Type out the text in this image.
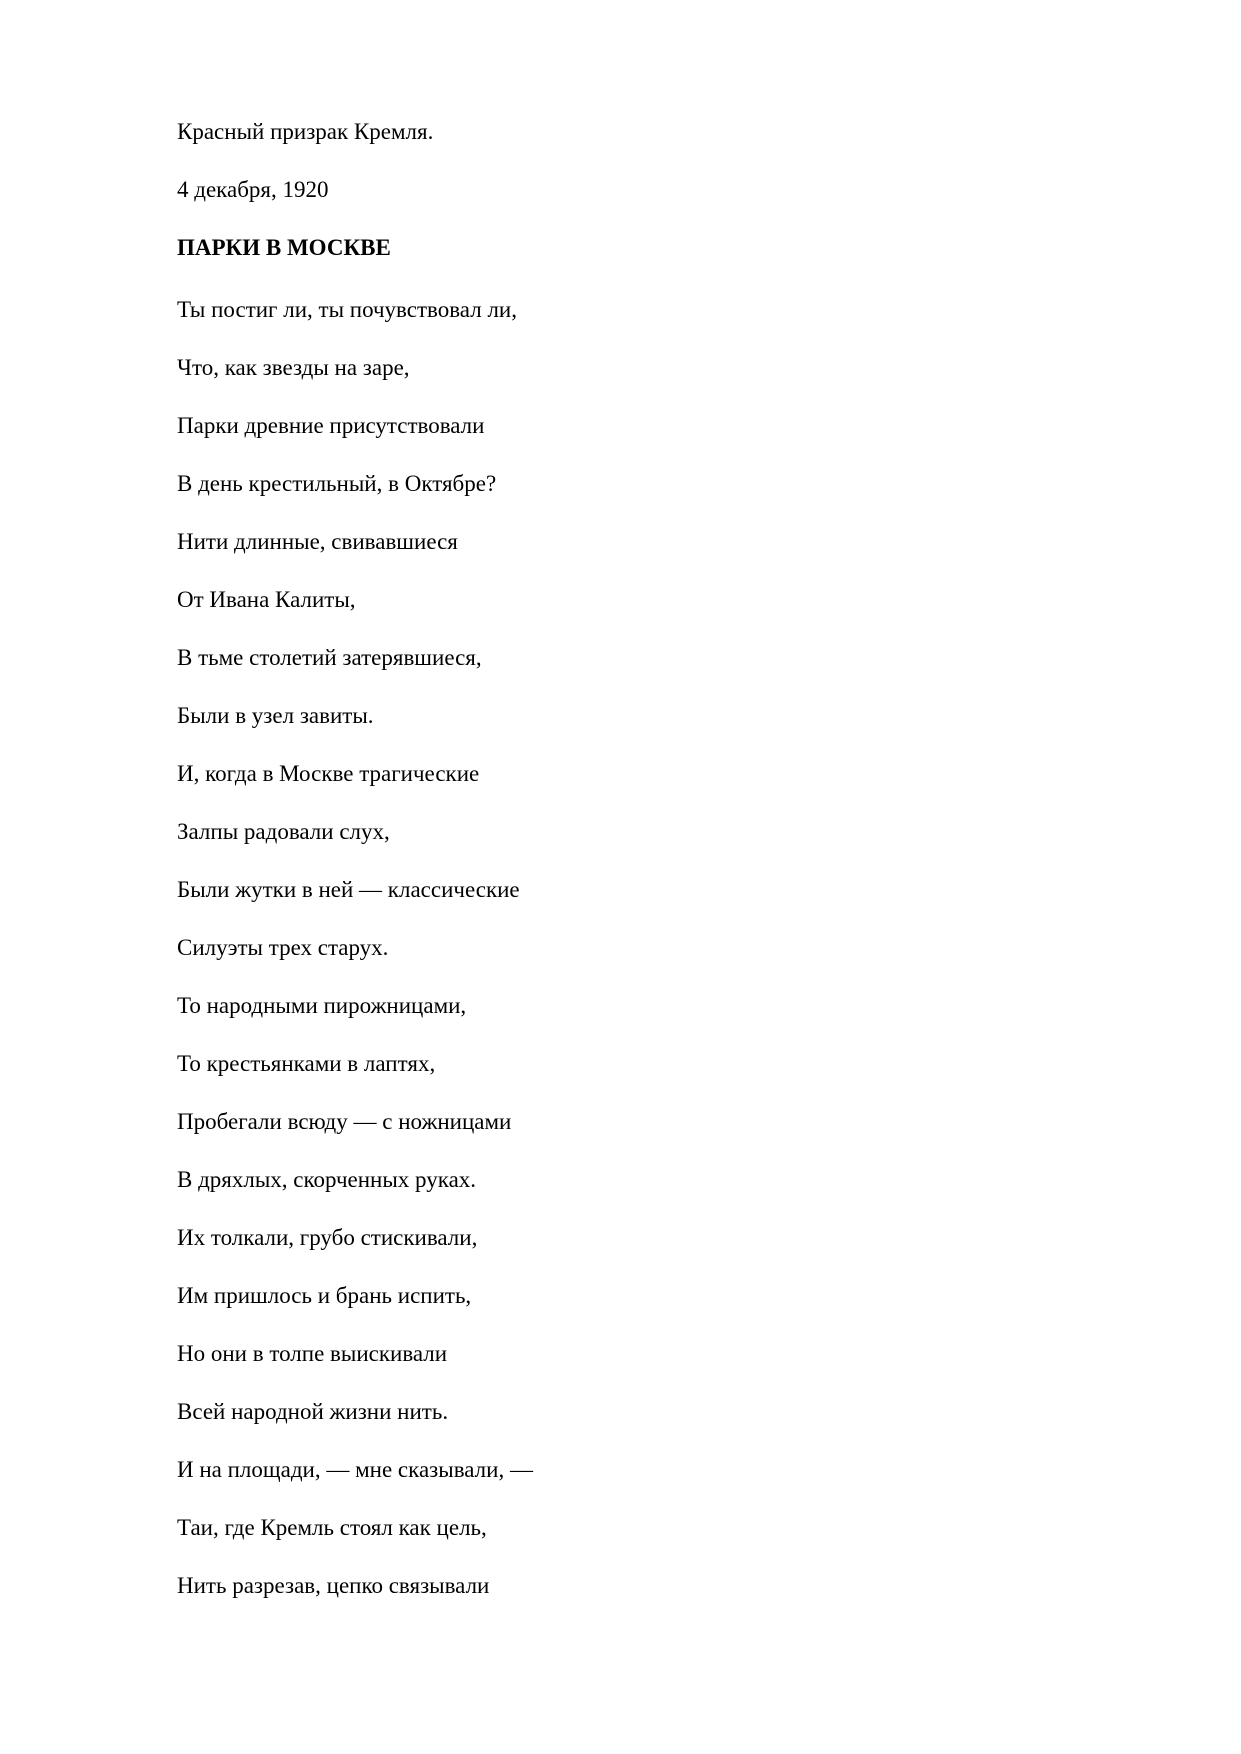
Красный призрак Кремля.

4 декабря, 1920

ПАРКИ В МОСКВЕ

Ты постиг ли, ты почувствовал ли,

Что, как звезды на заре,

Парки древние присутствовали

В день крестильный, в Октябре?

Нити длинные, свивавшиеся

От Ивана Калиты,

В тьме столетий затерявшиеся,

Были в узел завиты.

И, когда в Москве трагические

Залпы радовали слух,

Были жутки в ней — классические

Силуэты трех старух.

То народными пирожницами,

То крестьянками в лаптях,

Пробегали всюду — с ножницами

В дряхлых, скорченных руках.

Их толкали, грубо стискивали,

Им пришлось и брань испить,

Но они в толпе выискивали

Всей народной жизни нить.

И на площади, — мне сказывали, —

Таи, где Кремль стоял как цель,

Нить разрезав, цепко связывали
